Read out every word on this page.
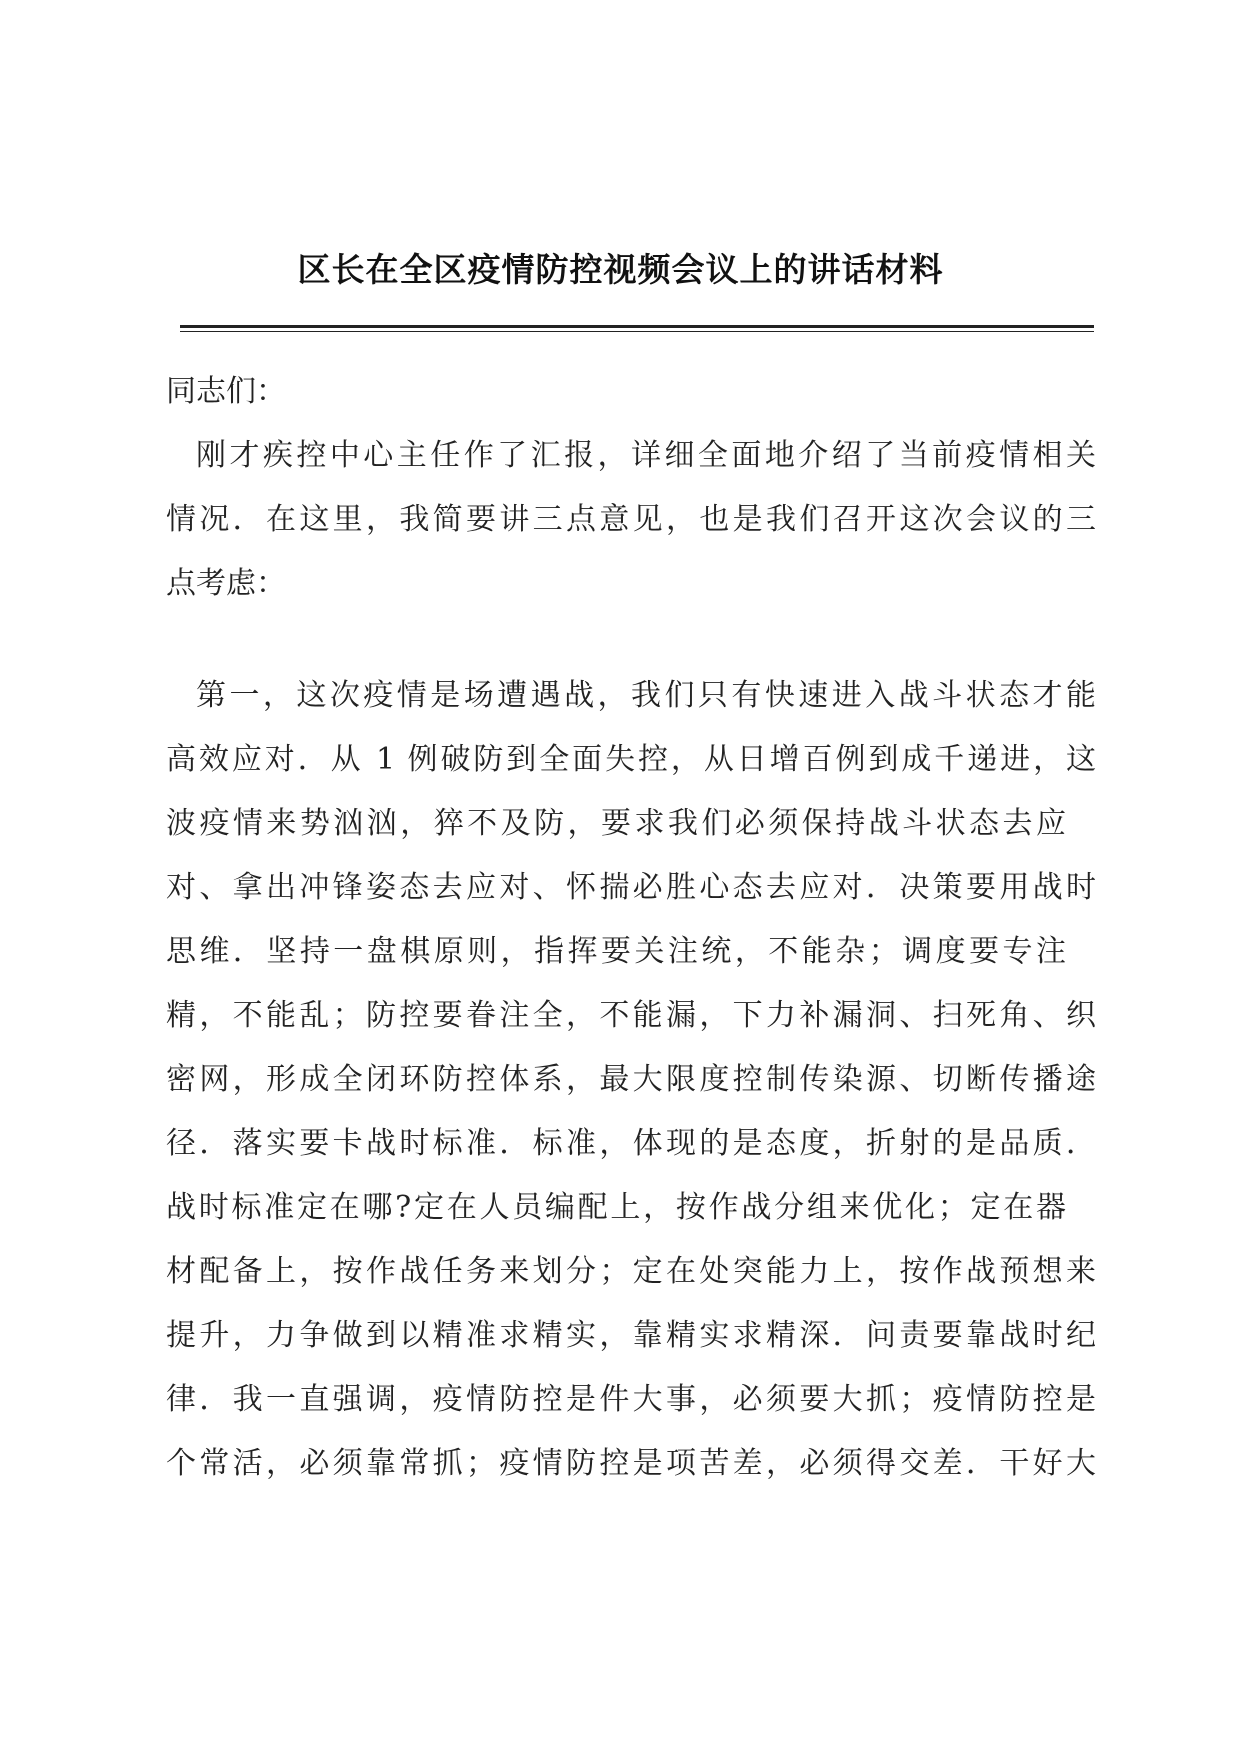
区长在全区疫情防控视频会议上的讲话材料
同志们：
刚才疾控中心主任作了汇报，详细全面地介绍了当前疫情相关
情况．在这里，我简要讲三点意见，也是我们召开这次会议的三
点考虑：
第一，这次疫情是场遭遇战，我们只有快速进入战斗状态才能
高效应对．从 1 例破防到全面失控，从日增百例到成千递进，这
波疫情来势汹汹，猝不及防，要求我们必须保持战斗状态去应
对、拿出冲锋姿态去应对、怀揣必胜心态去应对．决策要用战时
思维．坚持一盘棋原则，指挥要关注统，不能杂；调度要专注
精，不能乱；防控要眷注全，不能漏，下力补漏洞、扫死角、织
密网，形成全闭环防控体系，最大限度控制传染源、切断传播途
径．落实要卡战时标准．标准，体现的是态度，折射的是品质．
战时标准定在哪?定在人员编配上，按作战分组来优化；定在器
材配备上，按作战任务来划分；定在处突能力上，按作战预想来
提升，力争做到以精准求精实，靠精实求精深．问责要靠战时纪
律．我一直强调，疫情防控是件大事，必须要大抓；疫情防控是
个常活，必须靠常抓；疫情防控是项苦差，必须得交差．干好大
